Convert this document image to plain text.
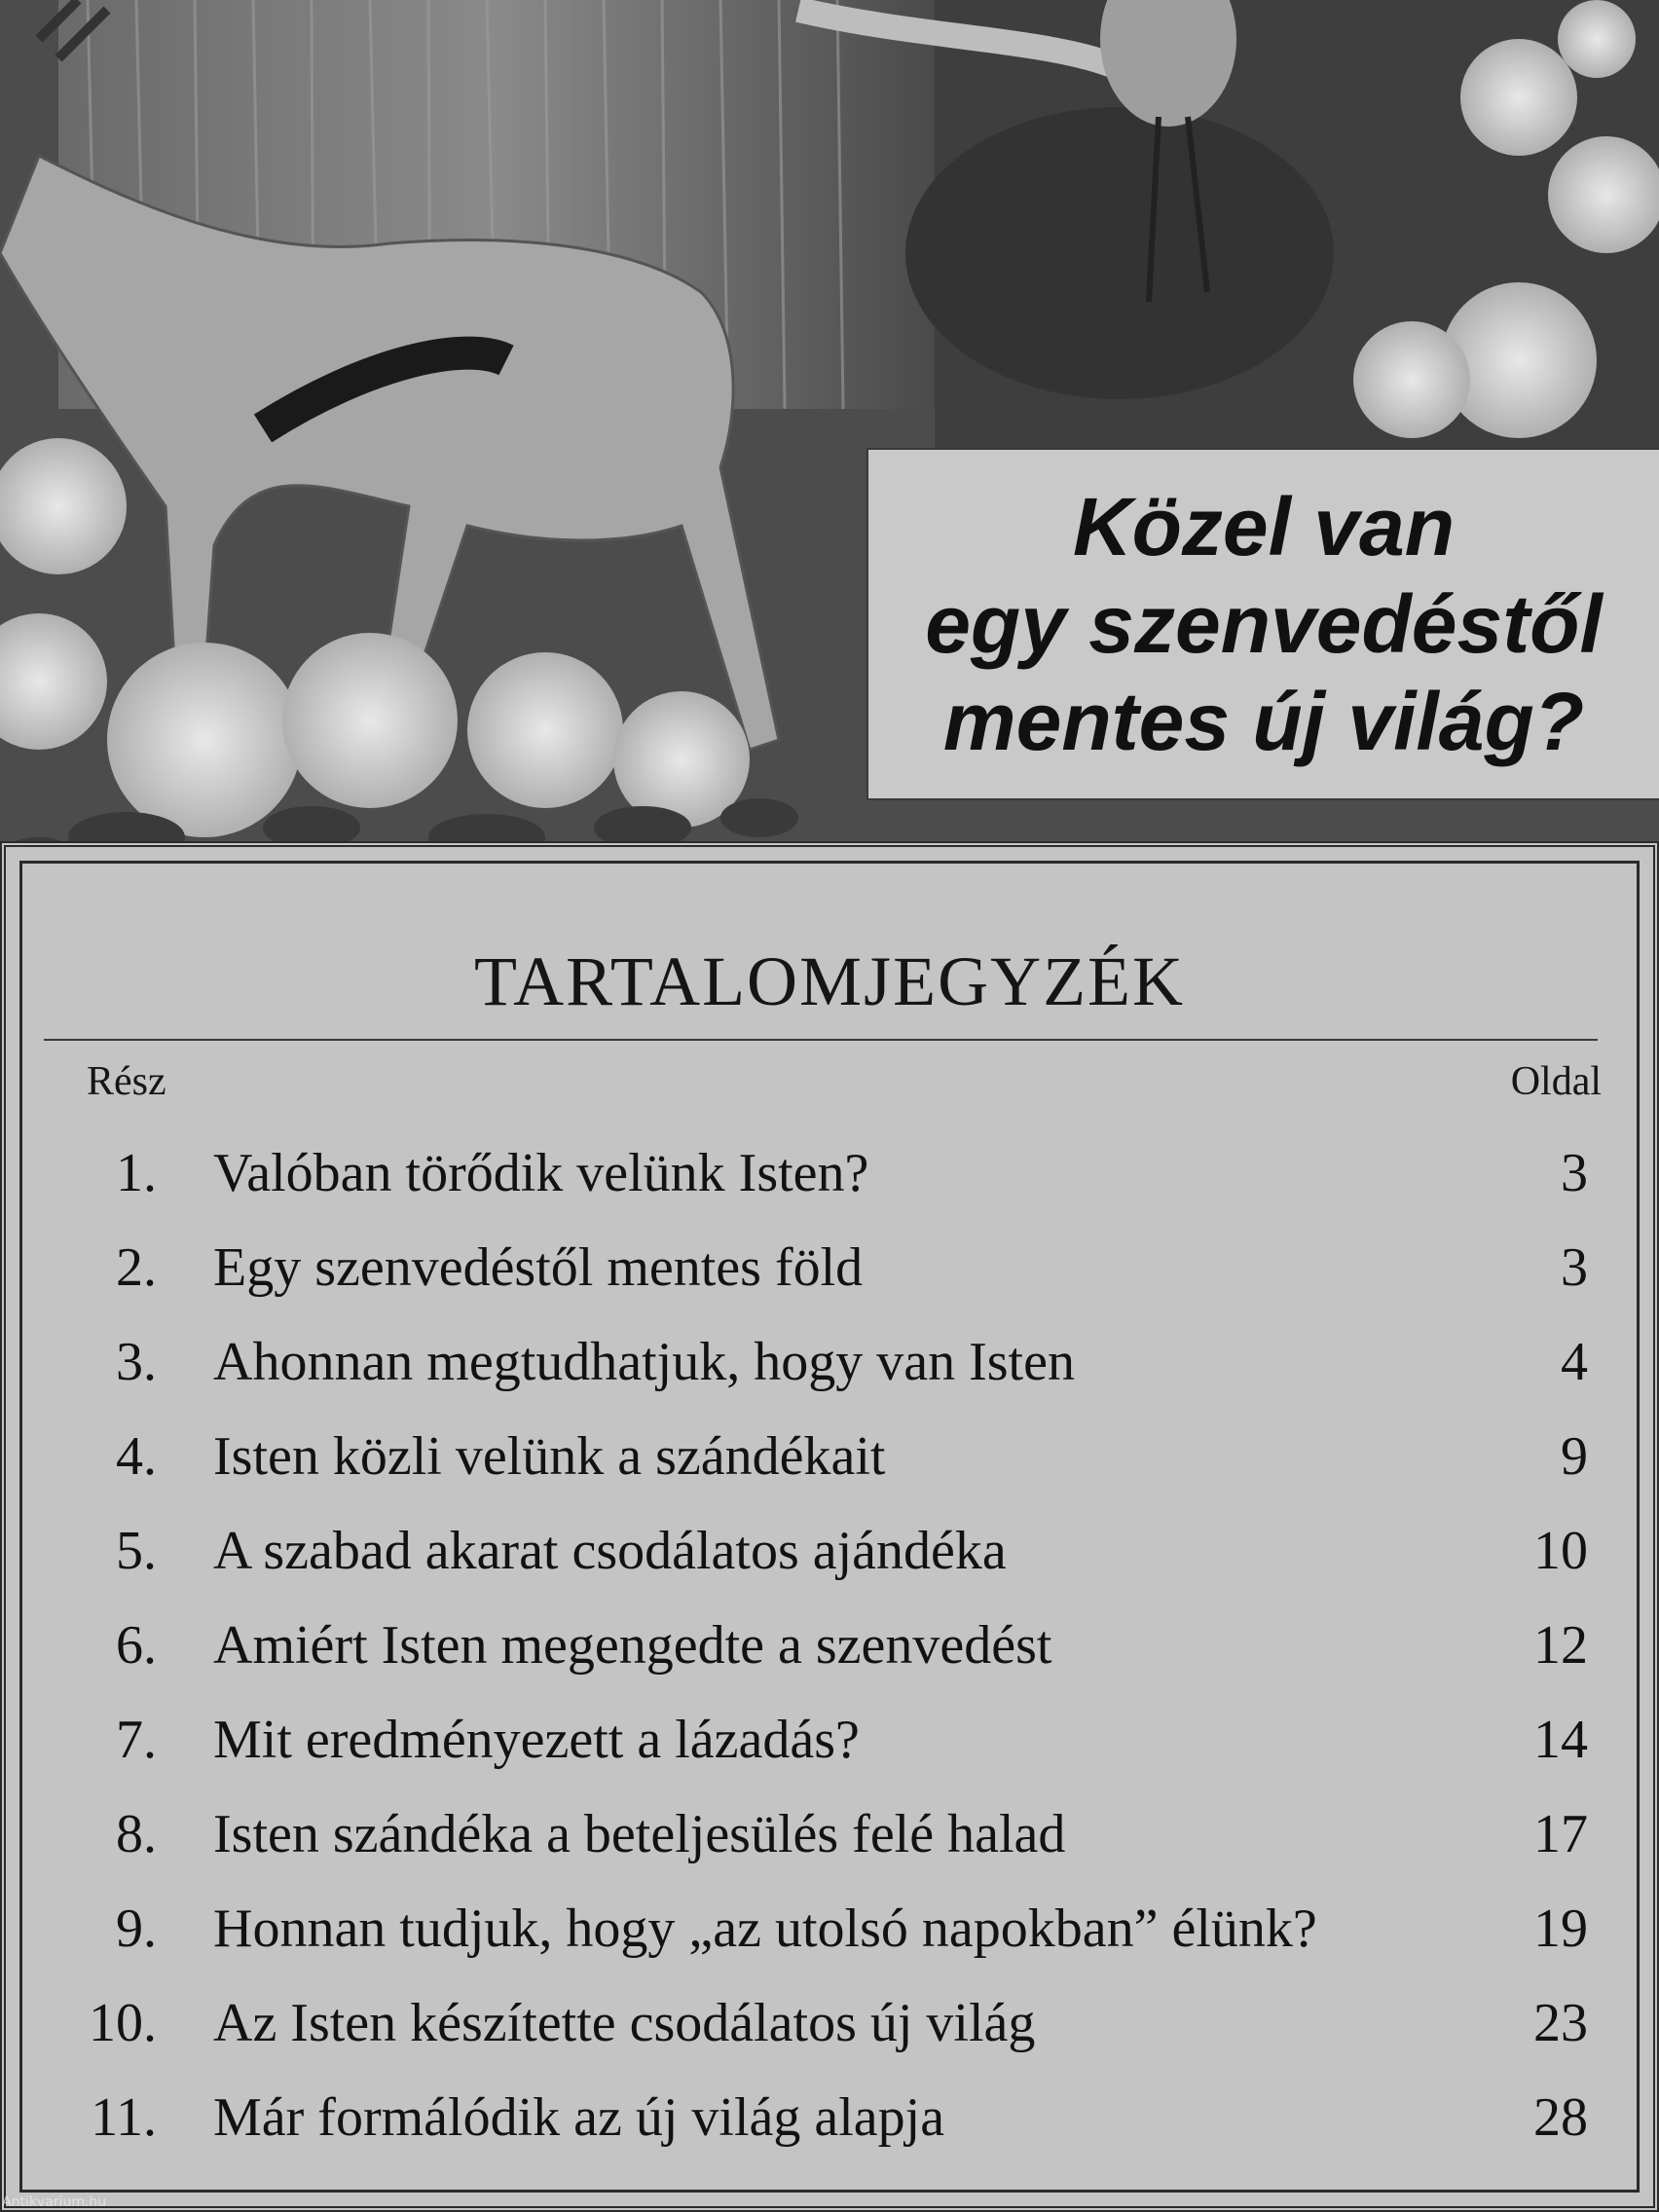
Közel van
egy szenvedéstől
mentes új világ?
TARTALOMJEGYZÉK
Rész	Oldal
1. Valóban törődik velünk Isten?	3
2. Egy szenvedéstől mentes föld	3
3. Ahonnan megtudhatjuk, hogy van Isten	4
4. Isten közli velünk a szándékait	9
5. A szabad akarat csodálatos ajándéka	10
6. Amiért Isten megengedte a szenvedést	12
7. Mit eredményezett a lázadás?	14
8. Isten szándéka a beteljesülés felé halad	17
9. Honnan tudjuk, hogy „az utolsó napokban” élünk?	19
10. Az Isten készítette csodálatos új világ	23
11. Már formálódik az új világ alapja	28
Antikvarium.hu
